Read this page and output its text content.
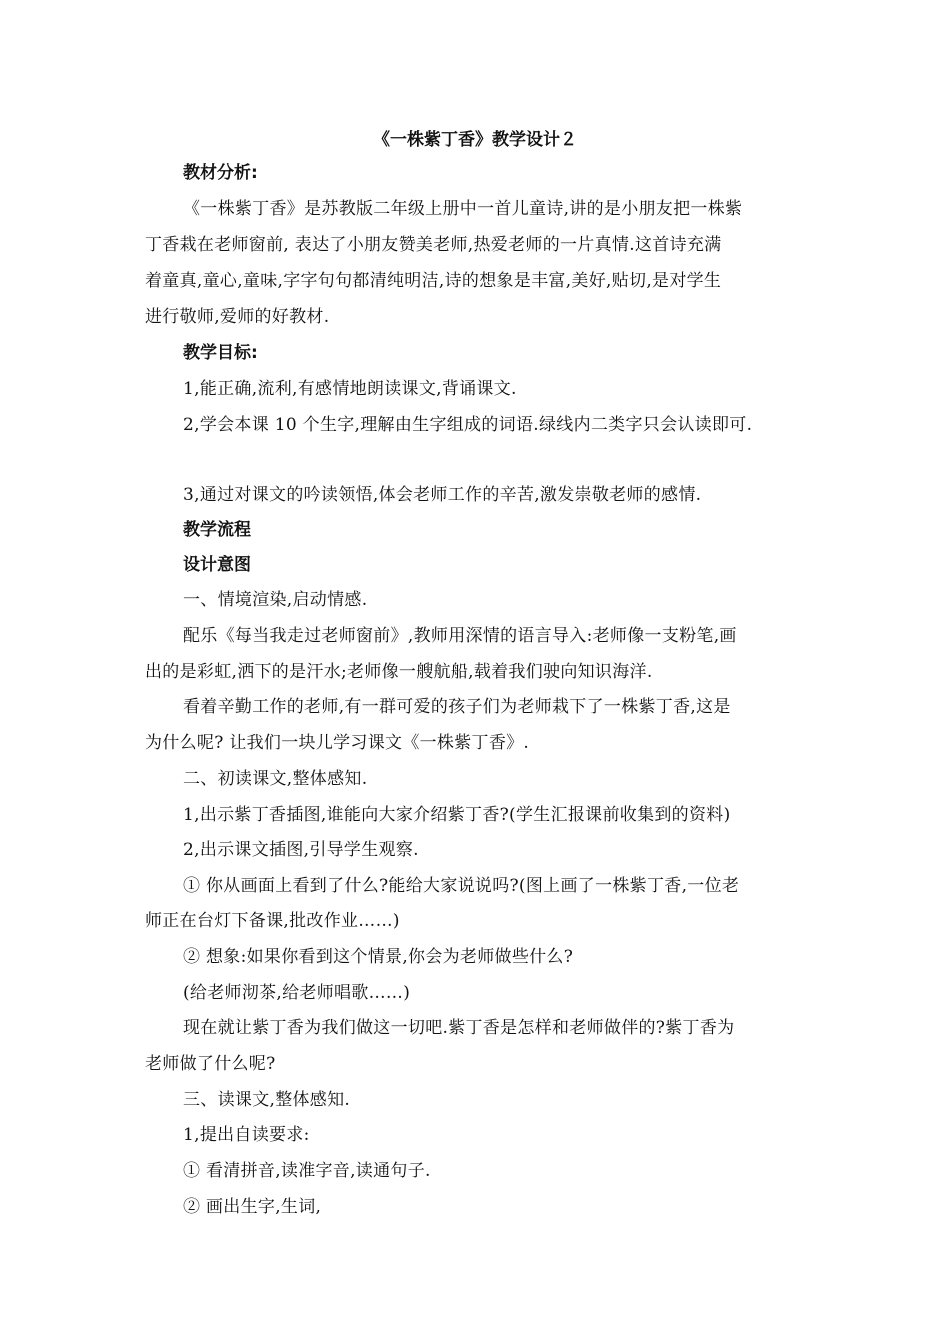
《一株紫丁香》教学设计２
教材分析:
《一株紫丁香》是苏教版二年级上册中一首儿童诗,讲的是小朋友把一株紫
丁香栽在老师窗前, 表达了小朋友赞美老师,热爱老师的一片真情.这首诗充满
着童真,童心,童味,字字句句都清纯明洁,诗的想象是丰富,美好,贴切,是对学生
进行敬师,爱师的好教材.
教学目标:
1,能正确,流利,有感情地朗读课文,背诵课文.
2,学会本课 10 个生字,理解由生字组成的词语.绿线内二类字只会认读即可.
3,通过对课文的吟读领悟,体会老师工作的辛苦,激发崇敬老师的感情.
教学流程
设计意图
一、情境渲染,启动情感.
配乐《每当我走过老师窗前》,教师用深情的语言导入:老师像一支粉笔,画
出的是彩虹,洒下的是汗水;老师像一艘航船,载着我们驶向知识海洋.
看着辛勤工作的老师,有一群可爱的孩子们为老师栽下了一株紫丁香,这是
为什么呢? 让我们一块儿学习课文《一株紫丁香》.
二、初读课文,整体感知.
1,出示紫丁香插图,谁能向大家介绍紫丁香?(学生汇报课前收集到的资料)
2,出示课文插图,引导学生观察.
① 你从画面上看到了什么?能给大家说说吗?(图上画了一株紫丁香,一位老
师正在台灯下备课,批改作业……)
② 想象:如果你看到这个情景,你会为老师做些什么?
(给老师沏茶,给老师唱歌……)
现在就让紫丁香为我们做这一切吧.紫丁香是怎样和老师做伴的?紫丁香为
老师做了什么呢?
三、读课文,整体感知.
1,提出自读要求:
① 看清拼音,读准字音,读通句子.
② 画出生字,生词,
